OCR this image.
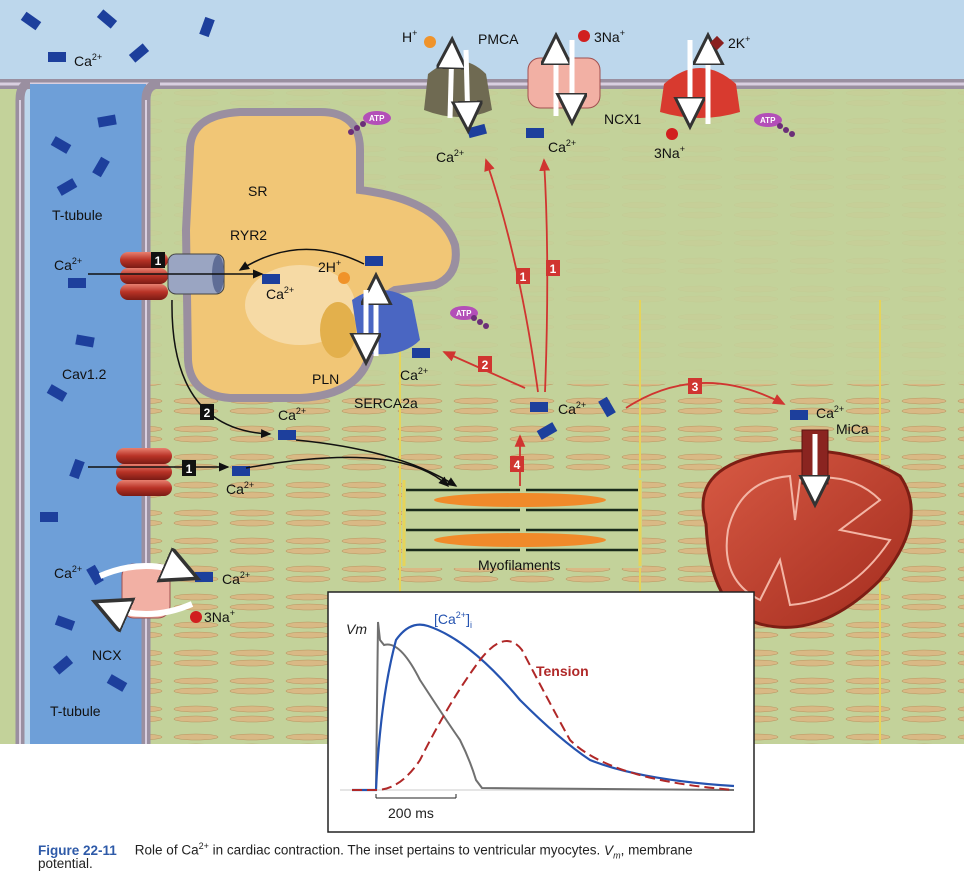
$Ca^{2+}$
T-tubule
T-tubule
$Ca^{2+}$
Cav1.2
$Ca^{2+}$
NCX
$Ca^{2+}$
3Na+
SR
RYR2
$Ca^{2+}$
2H+
PLN
SERCA2a
$Ca^{2+}$
PMCA
H+
$Ca^{2+}$
NCX1
3Na+
$Ca^{2+}$
2K+
3Na+
$Ca^{2+}$
$Ca^{2+}$
$Ca^{2+}$
$Ca^{2+}$
MiCa
Myofilaments
ATP
ATP	ATP
1
2
1
1
1
2
3
4
200 ms
Vm
$[Ca^{2+}]_i$
Tension
Figure 22-11 Role of $Ca^{2+}$ in cardiac contraction. The inset pertains to ventricular myocytes. $V_m$, membrane
potential.
